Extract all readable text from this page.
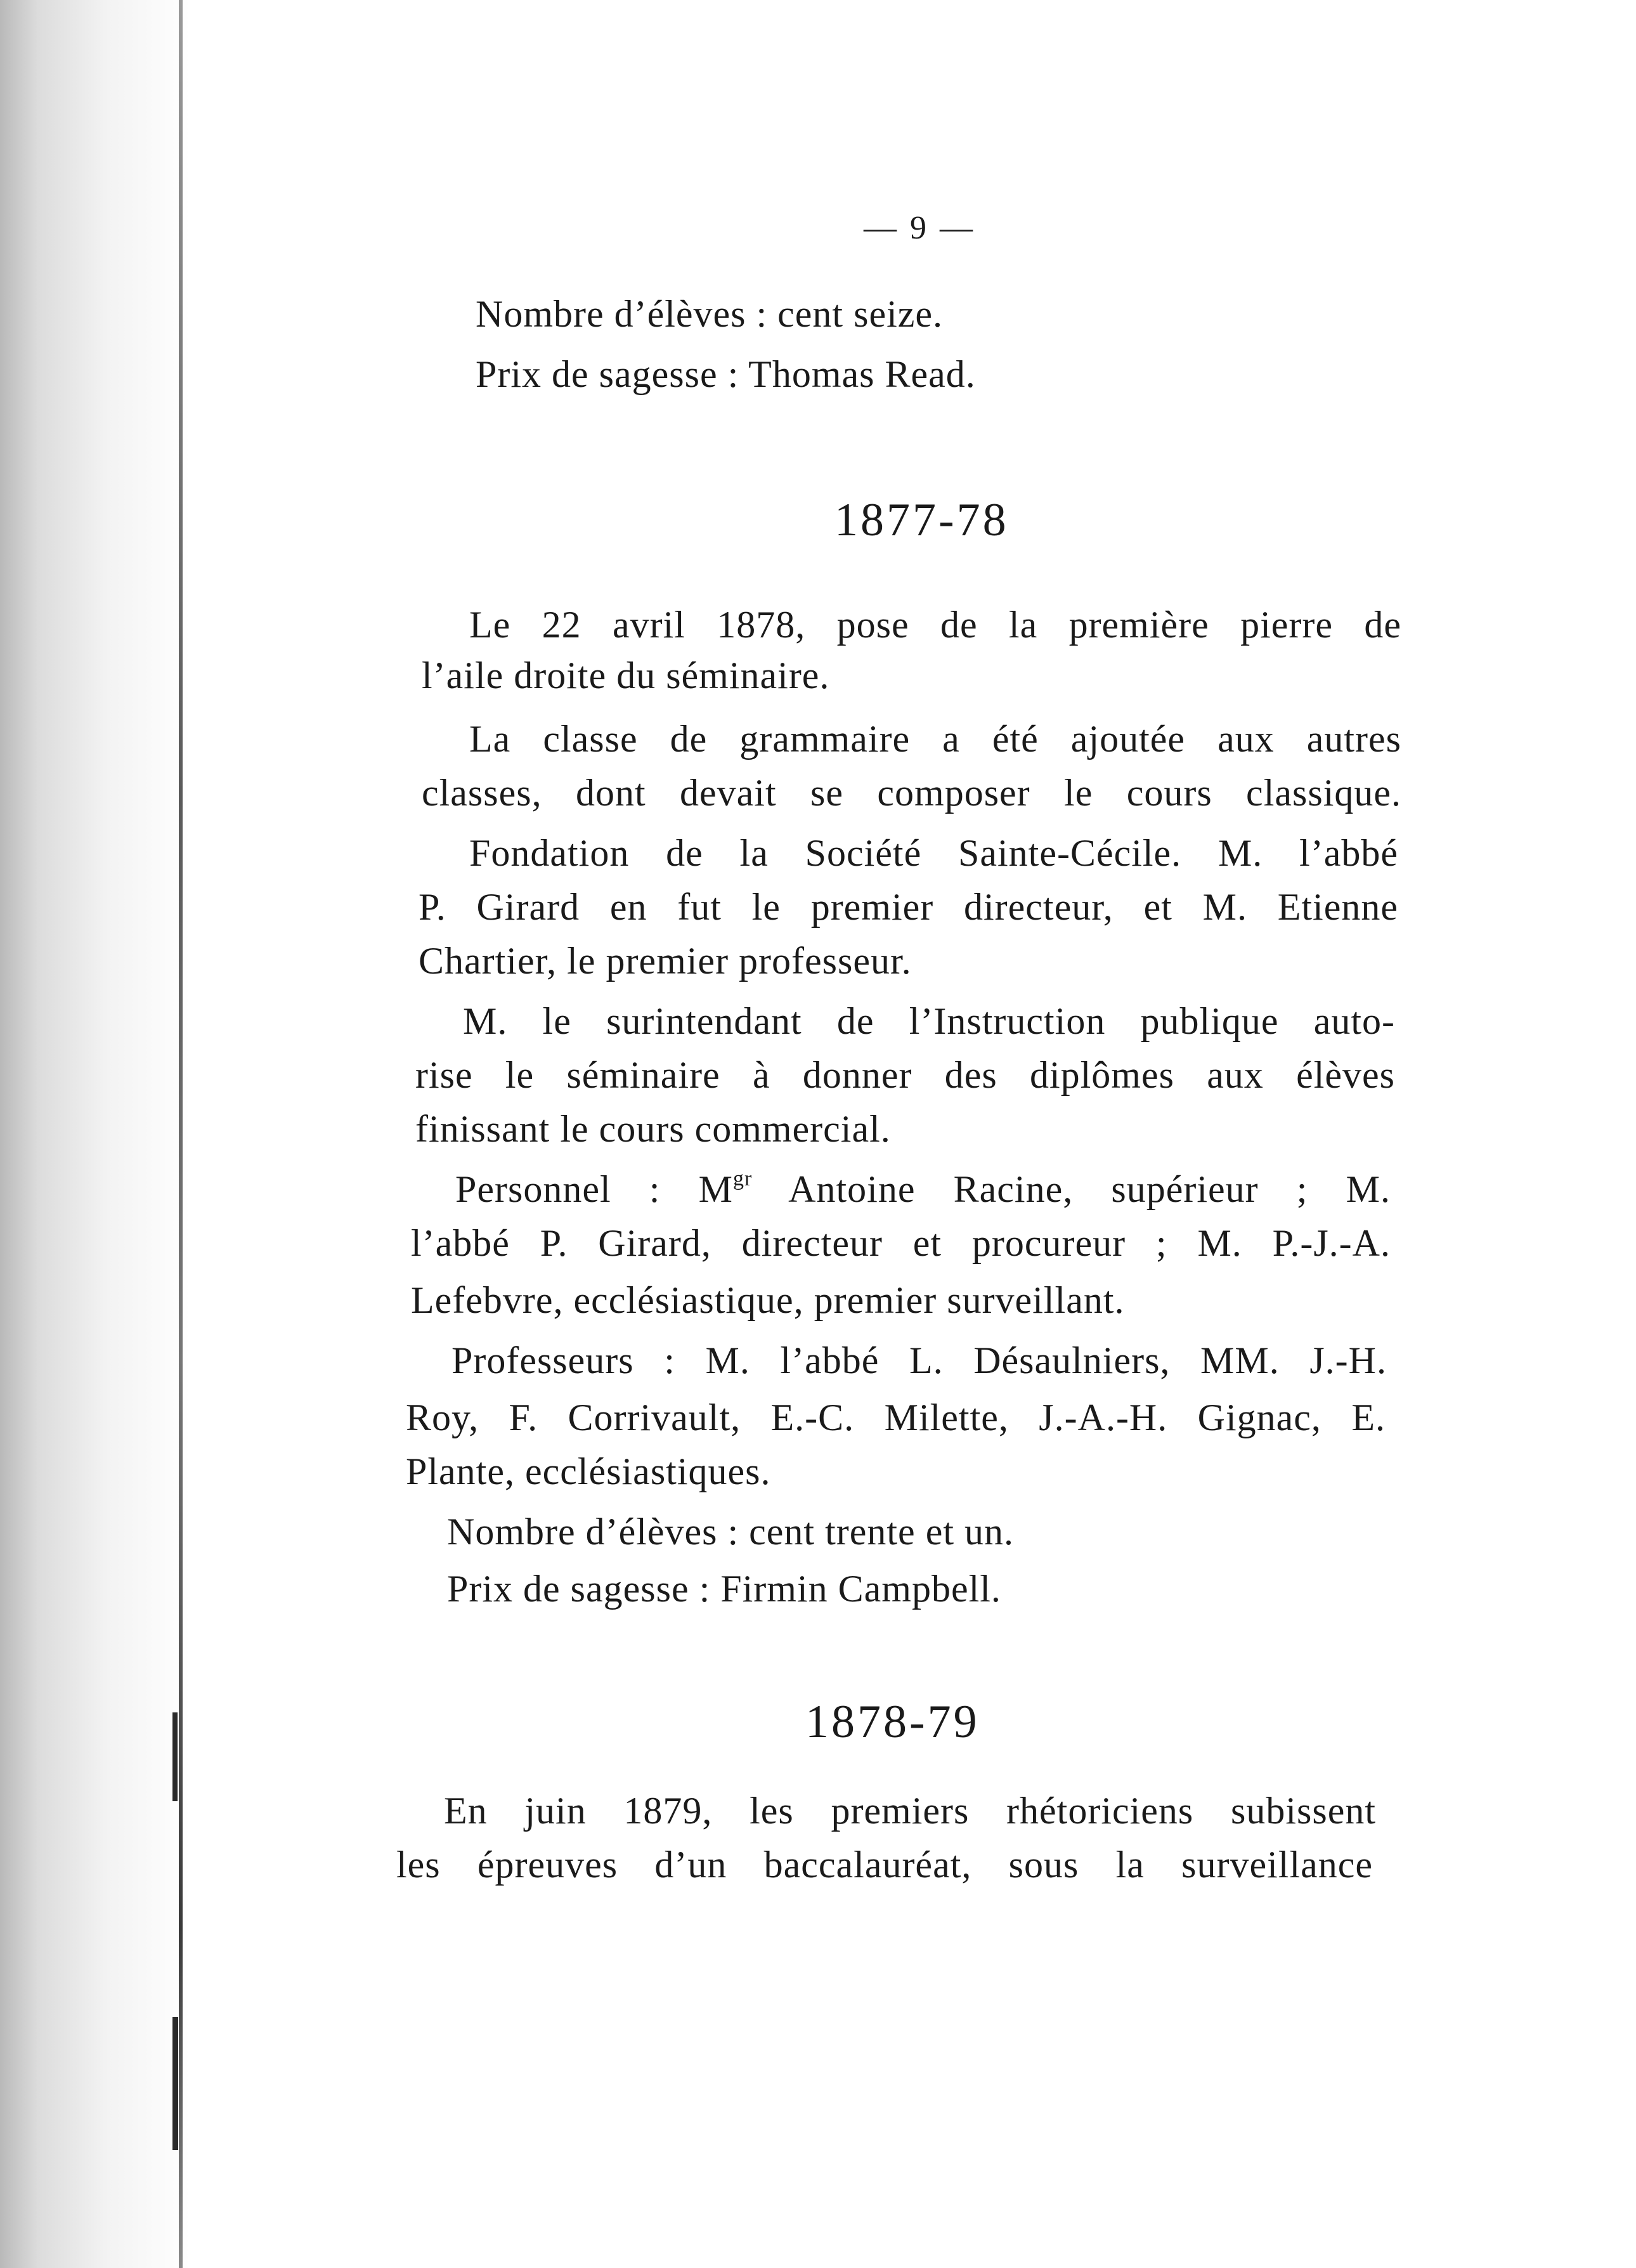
— 9 —
Nombre d’élèves : cent seize.
Prix de sagesse : Thomas Read.
1877-78
Le 22 avril 1878, pose de la première pierre de
l’aile droite du séminaire.
La classe de grammaire a été ajoutée aux autres
classes, dont devait se composer le cours classique.
Fondation de la Société Sainte-Cécile. M. l’abbé
P. Girard en fut le premier directeur, et M. Etienne
Chartier, le premier professeur.
M. le surintendant de l’Instruction publique auto-
rise le séminaire à donner des diplômes aux élèves
finissant le cours commercial.
Personnel : $M^{gr}$ Antoine Racine, supérieur ; M.
l’abbé P. Girard, directeur et procureur ; M. P.-J.-A.
Lefebvre, ecclésiastique, premier surveillant.
Professeurs : M. l’abbé L. Désaulniers, MM. J.-H.
Roy, F. Corrivault, E.-C. Milette, J.-A.-H. Gignac, E.
Plante, ecclésiastiques.
Nombre d’élèves : cent trente et un.
Prix de sagesse : Firmin Campbell.
1878-79
En juin 1879, les premiers rhétoriciens subissent
les épreuves d’un baccalauréat, sous la surveillance
